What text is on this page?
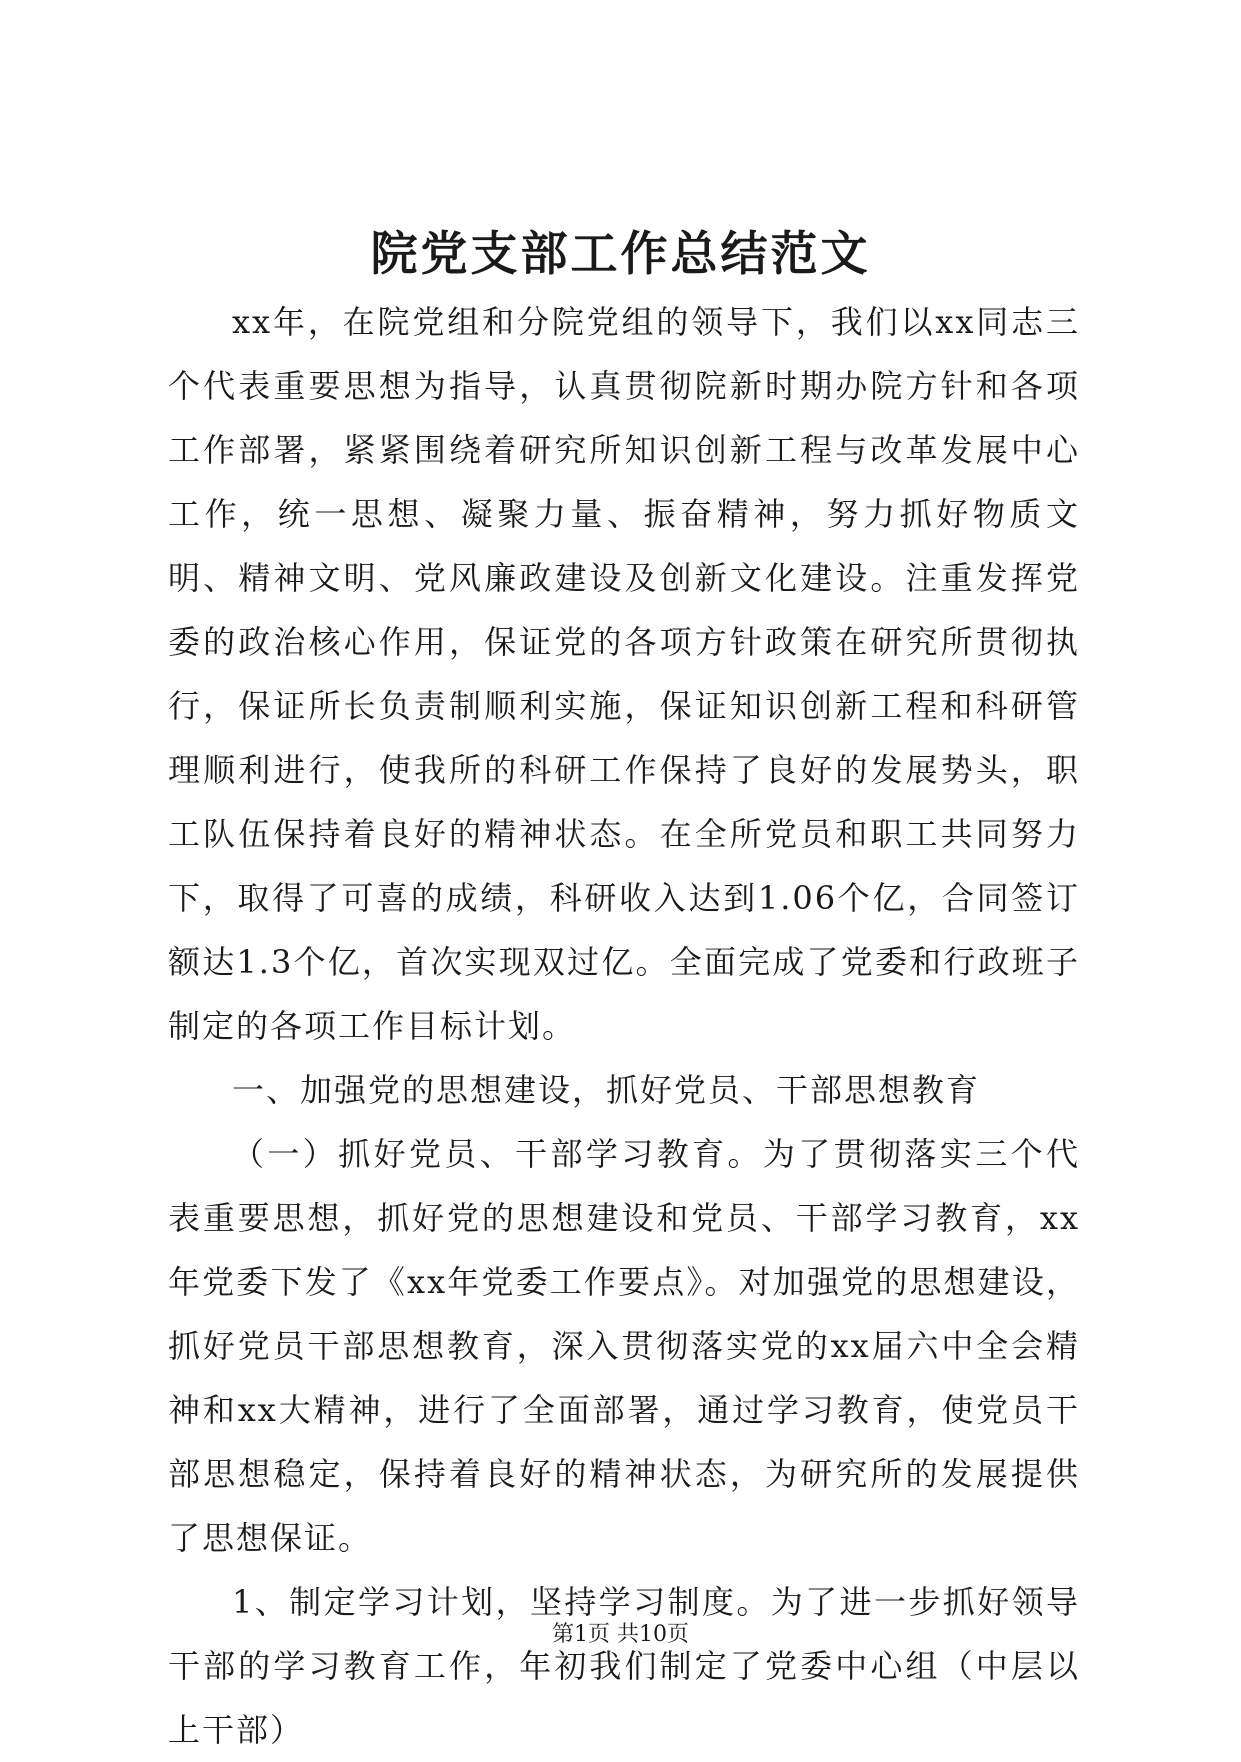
院党支部工作总结范文

xx年，在院党组和分院党组的领导下，我们以xx同志三个代表重要思想为指导，认真贯彻院新时期办院方针和各项工作部署，紧紧围绕着研究所知识创新工程与改革发展中心工作，统一思想、凝聚力量、振奋精神，努力抓好物质文明、精神文明、党风廉政建设及创新文化建设。注重发挥党委的政治核心作用，保证党的各项方针政策在研究所贯彻执行，保证所长负责制顺利实施，保证知识创新工程和科研管理顺利进行，使我所的科研工作保持了良好的发展势头，职工队伍保持着良好的精神状态。在全所党员和职工共同努力下，取得了可喜的成绩，科研收入达到1.06个亿，合同签订额达1.3个亿，首次实现双过亿。全面完成了党委和行政班子制定的各项工作目标计划。

一、加强党的思想建设，抓好党员、干部思想教育

（一）抓好党员、干部学习教育。为了贯彻落实三个代表重要思想，抓好党的思想建设和党员、干部学习教育，xx年党委下发了《xx年党委工作要点》。对加强党的思想建设，抓好党员干部思想教育，深入贯彻落实党的xx届六中全会精神和xx大精神，进行了全面部署，通过学习教育，使党员干部思想稳定，保持着良好的精神状态，为研究所的发展提供了思想保证。

1、制定学习计划，坚持学习制度。为了进一步抓好领导干部的学习教育工作，年初我们制定了党委中心组（中层以上干部）

第1页 共10页
